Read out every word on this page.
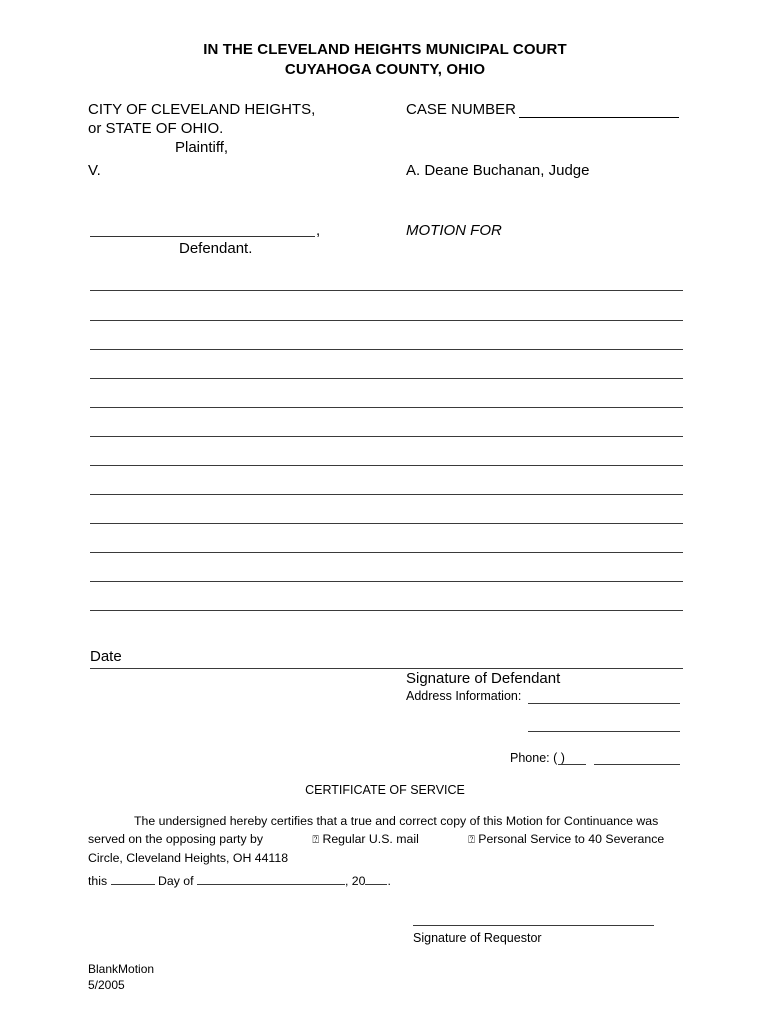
IN THE CLEVELAND HEIGHTS MUNICIPAL COURT
CUYAHOGA COUNTY, OHIO
CITY OF CLEVELAND HEIGHTS,
or STATE OF OHIO.
Plaintiff,
V.
,
Defendant.
CASE NUMBER
A. Deane Buchanan, Judge
MOTION FOR
Date
Signature of Defendant
Address Information:
Phone: ( )
CERTIFICATE OF SERVICE
The undersigned hereby certifies that a true and correct copy of this Motion for Continuance was served on the opposing party by	⍰ Regular U.S. mail	⍰ Personal Service to 40 Severance Circle, Cleveland Heights, OH 44118
this	Day of	, 20 .
Signature of Requestor
BlankMotion
5/2005
